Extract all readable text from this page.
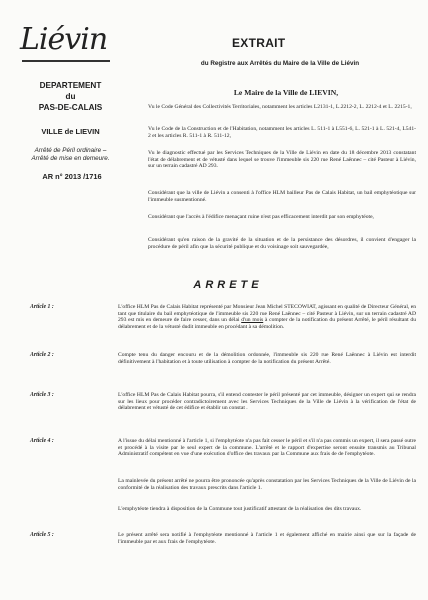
Liévin	EXTRAIT
du Registre aux Arrêtés du Maire de la Ville de Liévin
DEPARTEMENT
du
PAS-DE-CALAIS
VILLE de LIEVIN
Arrêté de Péril ordinaire –
Arrêté de mise en demeure.
AR n° 2013 /1716
Le Maire de la Ville de LIEVIN,

Vu le Code Général des Collectivités Territoriales, notamment les articles L2131-1, L.2212-2, L. 2212-4 et L. 2215-1,

Vu le Code de la Construction et de l'Habitation, notamment les articles L. 511-1 à L551-6, L. 521-1 à L. 521-4, L541-2 et les articles R. 511-1 à R. 511-12,

Vu le diagnostic effectué par les Services Techniques de la Ville de Liévin en date du 18 décembre 2013 constatant l'état de délabrement et de vétusté dans lequel se trouve l'immeuble sis 220 rue René Laënnec – cité Pasteur à Liévin, sur un terrain cadastré AD 293.

Considérant que la ville de Liévin a consenti à l'office HLM bailleur Pas de Calais Habitat, un bail emphytéotique sur l'immeuble susmentionné.

Considérant que l'accès à l'édifice menaçant ruine n'est pas efficacement interdit par son emphytéote,

Considérant qu'en raison de la gravité de la situation et de la persistance des désordres, il convient d'engager la procédure de péril afin que la sécurité publique et du voisinage soit sauvegardée,

ARRETE
Article 1 :	L'office HLM Pas de Calais Habitat représenté par Monsieur Jean Michel STECOWIAT, agissant en qualité de Directeur Général, en tant que titulaire du bail emphytéotique de l'immeuble sis 220 rue René Laënnec – cité Pasteur à Liévin, sur un terrain cadastré AD 293 est mis en demeure de faire cesser, dans un délai d'un mois à compter de la notification du présent Arrêté, le péril résultant du délabrement et de la vétusté dudit immeuble en procédant à sa démolition.

Article 2 :	Compte tenu du danger encouru et de la démolition ordonnée, l'immeuble sis 220 rue René Laënnec à Liévin est interdit définitivement à l'habitation et à toute utilisation à compter de la notification du présent Arrêté.

Article 3 :	L'office HLM Pas de Calais Habitat pourra, s'il entend contester le péril présenté par cet immeuble, désigner un expert qui se rendra sur les lieux pour procéder contradictoirement avec les Services Techniques de la Ville de Liévin à la vérification de l'état de délabrement et vétusté de cet édifice et établir un constat .

Article 4 :	A l'issue du délai mentionné à l'article 1, si l'emphytéote n'a pas fait cesser le péril et s'il n'a pas commis un expert, il sera passé outre et procédé à la visite par le seul expert de la commune. L'arrêté et le rapport d'expertise seront ensuite transmis au Tribunal Administratif compétent en vue d'une exécution d'office des travaux par la Commune aux frais de de l'emphytéote.

La mainlevée du présent arrêté ne pourra être prononcée qu'après constatation par les Services Techniques de la Ville de Liévin de la conformité de la réalisation des travaux prescrits dans l'article 1.

L'emphytéote tiendra à disposition de la Commune tout justificatif attestant de la réalisation des dits travaux.

Article 5 :	Le présent arrêté sera notifié à l'emphytéote mentionné à l'article 1 et également affiché en mairie ainsi que sur la façade de l'immeuble par et aux frais de l'emphytéote.
